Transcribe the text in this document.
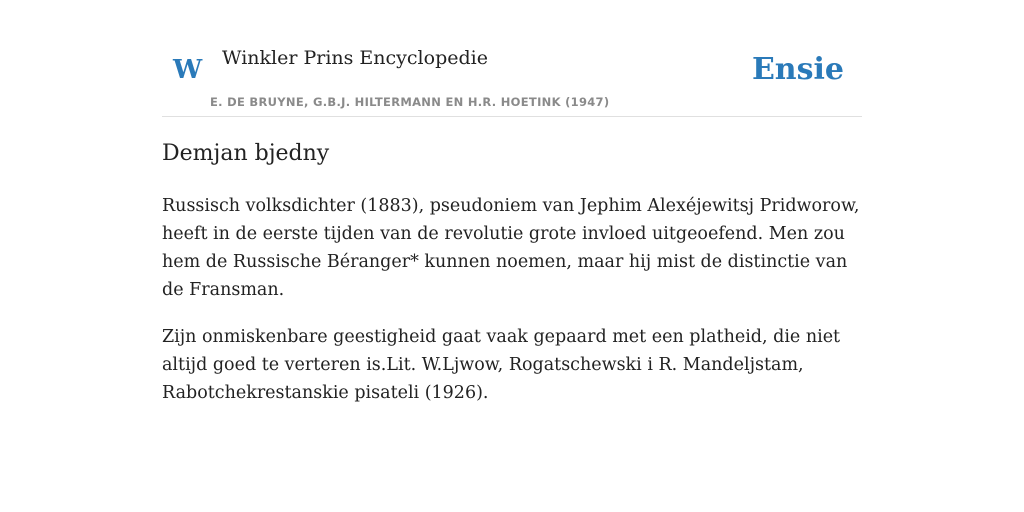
W Winkler Prins Encyclopedie
E. DE BRUYNE, G.B.J. HILTERMANN EN H.R. HOETINK (1947)
Ensie
Demjan bjedny

Russisch volksdichter (1883), pseudoniem van Jephim Alexéjewitsj Pridworow, heeft in de eerste tijden van de revolutie grote invloed uitgeoefend. Men zou hem de Russische Béranger* kunnen noemen, maar hij mist de distinctie van de Fransman.

Zijn onmiskenbare geestigheid gaat vaak gepaard met een platheid, die niet altijd goed te verteren is.Lit. W.Ljwow, Rogatschewski i R. Mandeljstam, Rabotchekrestanskie pisateli (1926).
